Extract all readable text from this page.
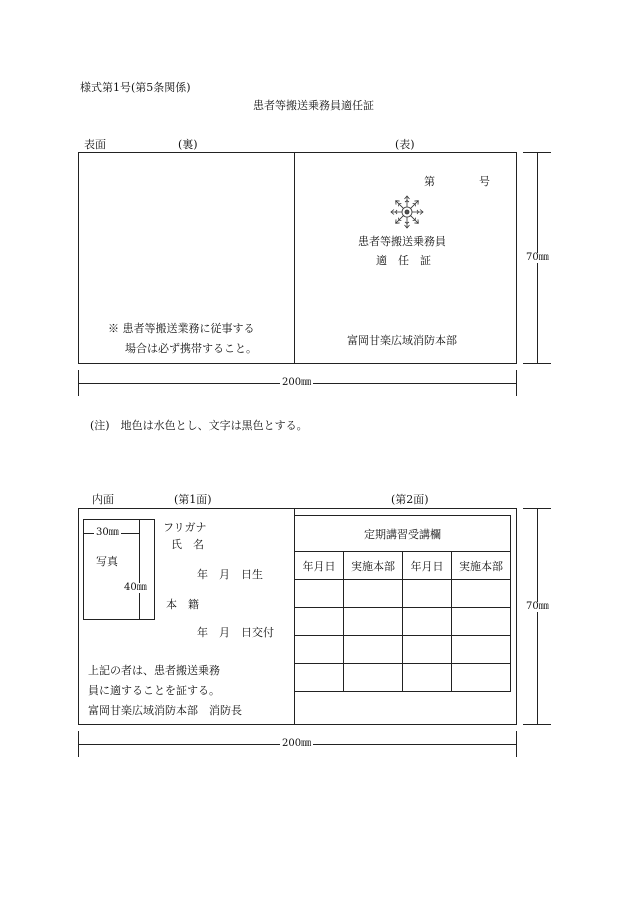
様式第1号(第5条関係)
患者等搬送乗務員適任証
表面	(裏)	(表)
第　　　　号
患者等搬送乗務員
適　任　証
※ 患者等搬送業務に従事する
場合は必ず携帯すること。
富岡甘楽広域消防本部
70㎜
200㎜
(注)　地色は水色とし、文字は黒色とする。
内面	(第1面)	(第2面)
30㎜
写真
40㎜
フリガナ
氏　名
年　月　日生
本　籍
年　月　日交付
上記の者は、患者搬送乗務
員に適することを証する。
富岡甘楽広域消防本部　消防長
定期講習受講欄			
年月日	実施本部	年月日	実施本部

70㎜
200㎜
